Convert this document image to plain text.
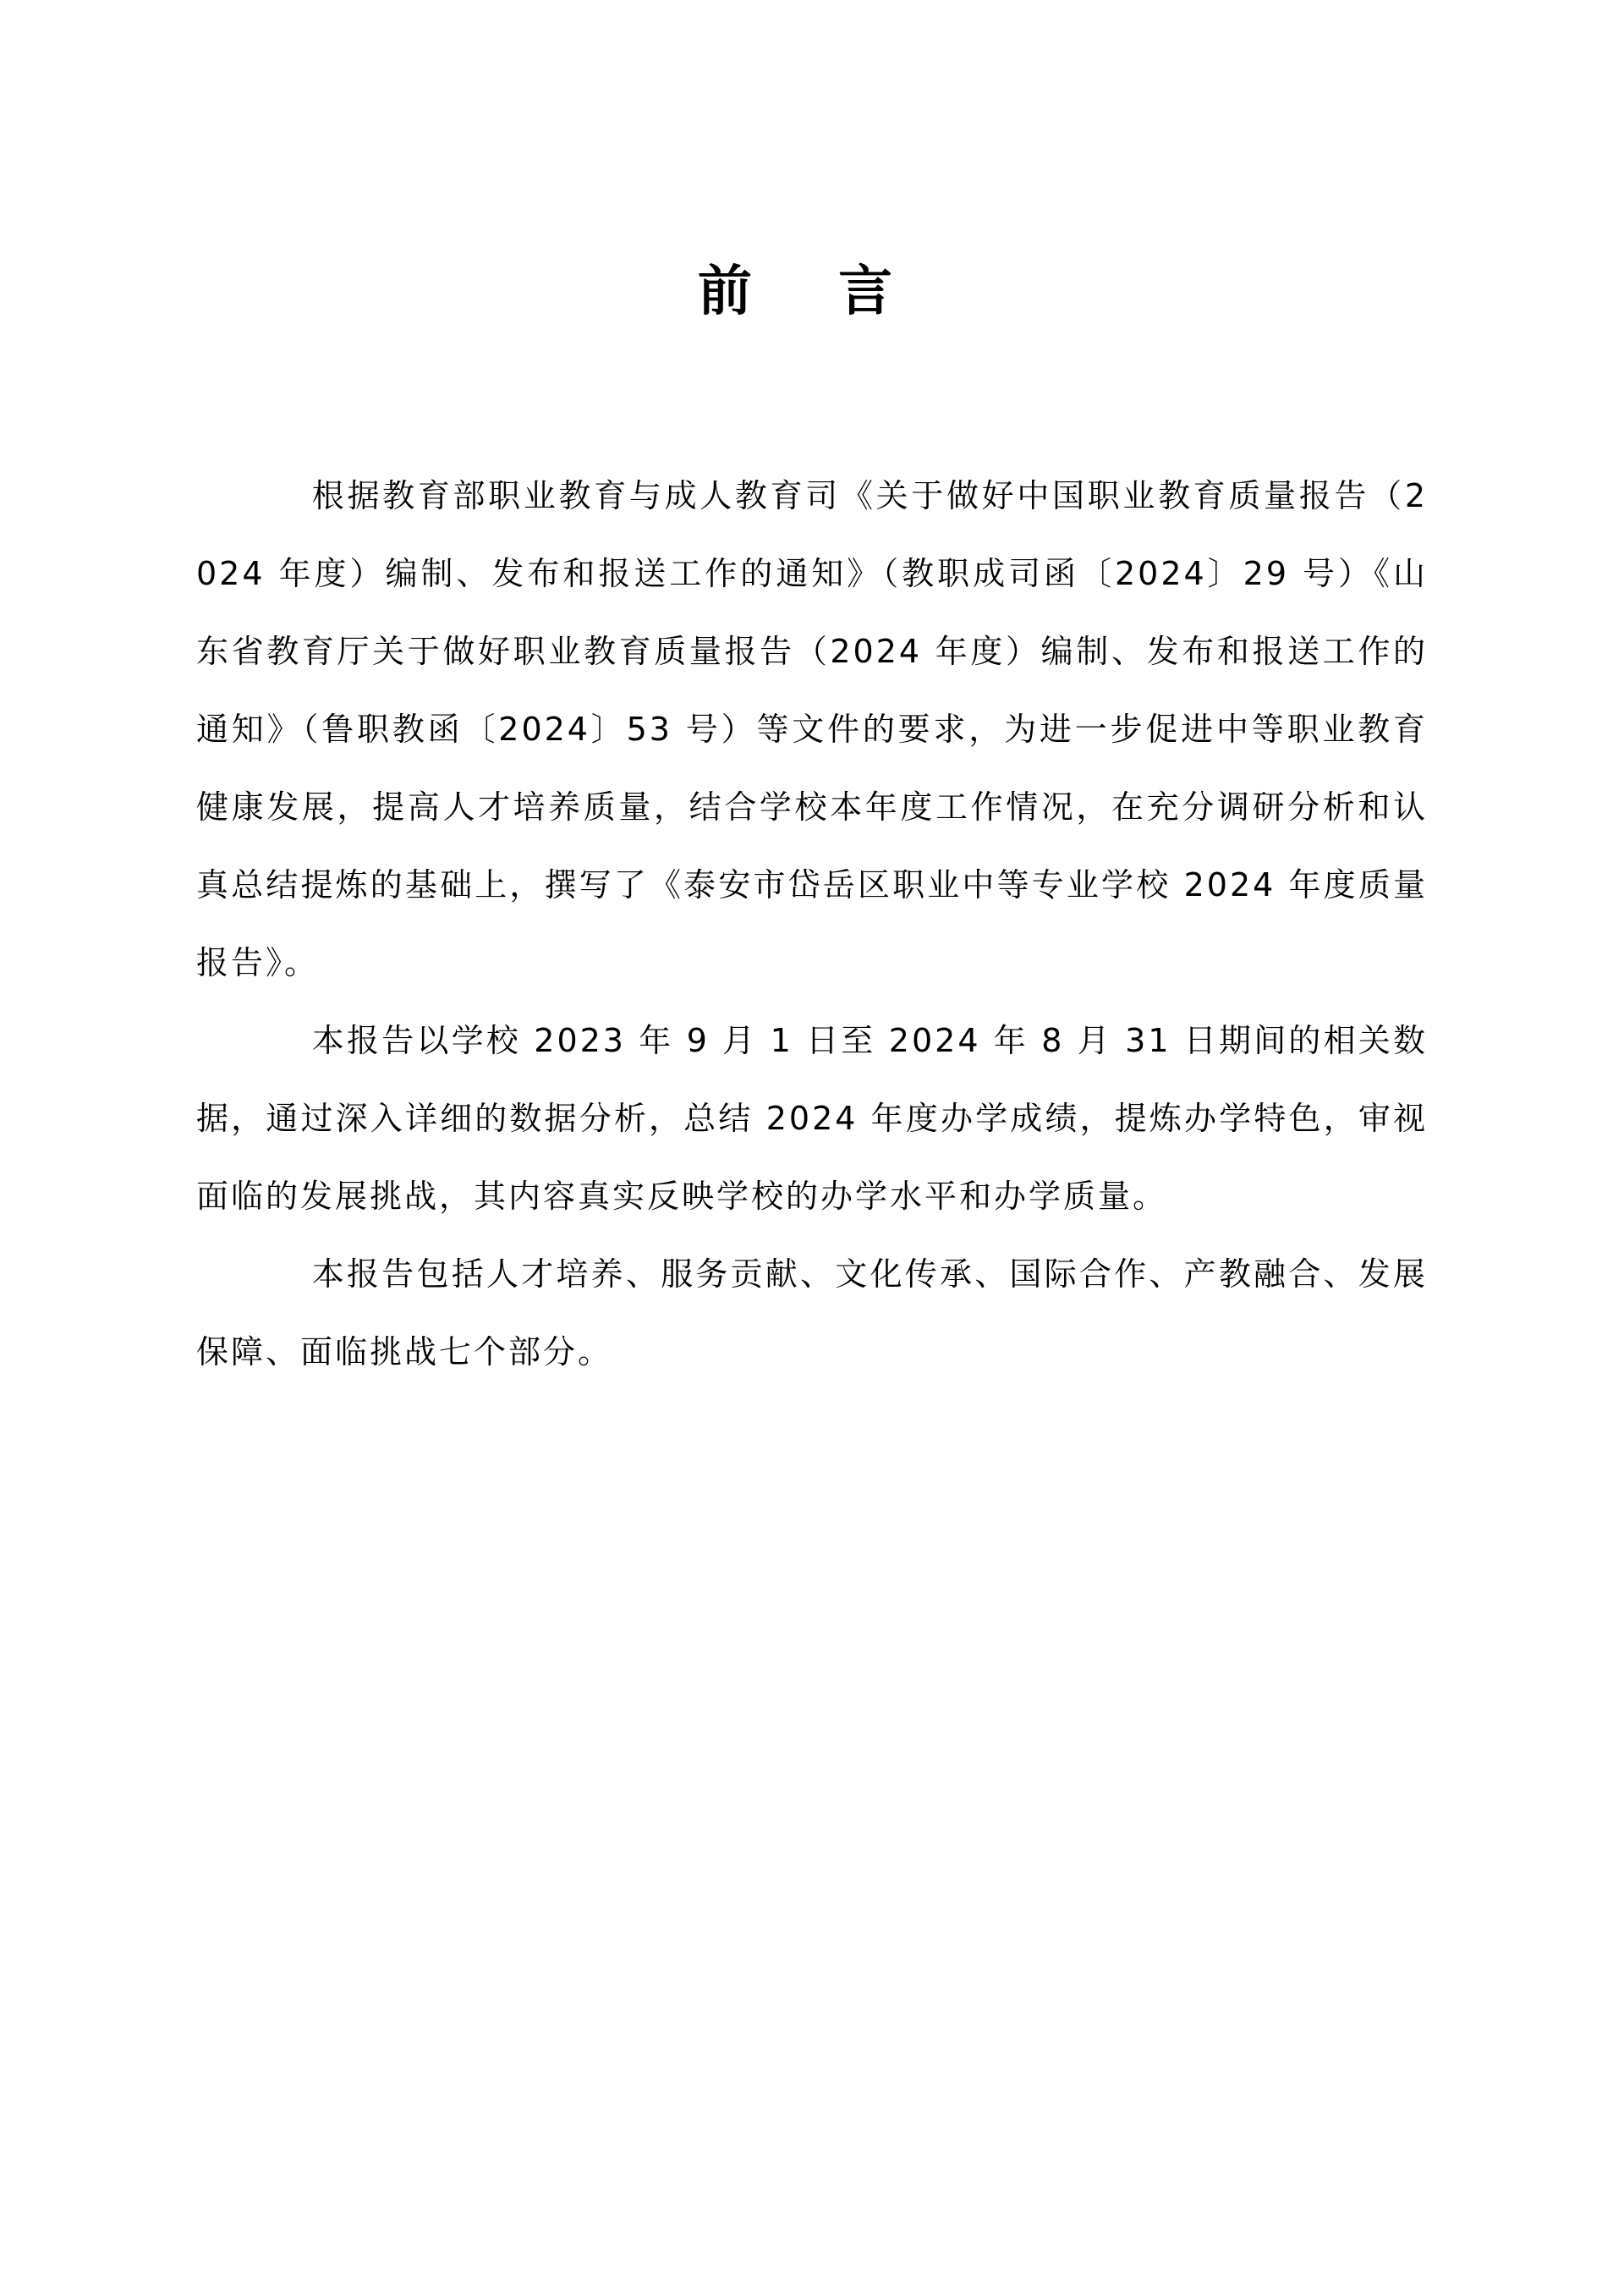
前 言

根据教育部职业教育与成人教育司《关于做好中国职业教育质量报告（2024 年度）编制、发布和报送工作的通知》（教职成司函〔2024〕29 号）《山东省教育厅关于做好职业教育质量报告（2024 年度）编制、发布和报送工作的通知》（鲁职教函〔2024〕53 号）等文件的要求，为进一步促进中等职业教育健康发展，提高人才培养质量，结合学校本年度工作情况，在充分调研分析和认真总结提炼的基础上，撰写了《泰安市岱岳区职业中等专业学校 2024 年度质量报告》。

本报告以学校 2023 年 9 月 1 日至 2024 年 8 月 31 日期间的相关数据，通过深入详细的数据分析，总结 2024 年度办学成绩，提炼办学特色，审视面临的发展挑战，其内容真实反映学校的办学水平和办学质量。

本报告包括人才培养、服务贡献、文化传承、国际合作、产教融合、发展保障、面临挑战七个部分。
